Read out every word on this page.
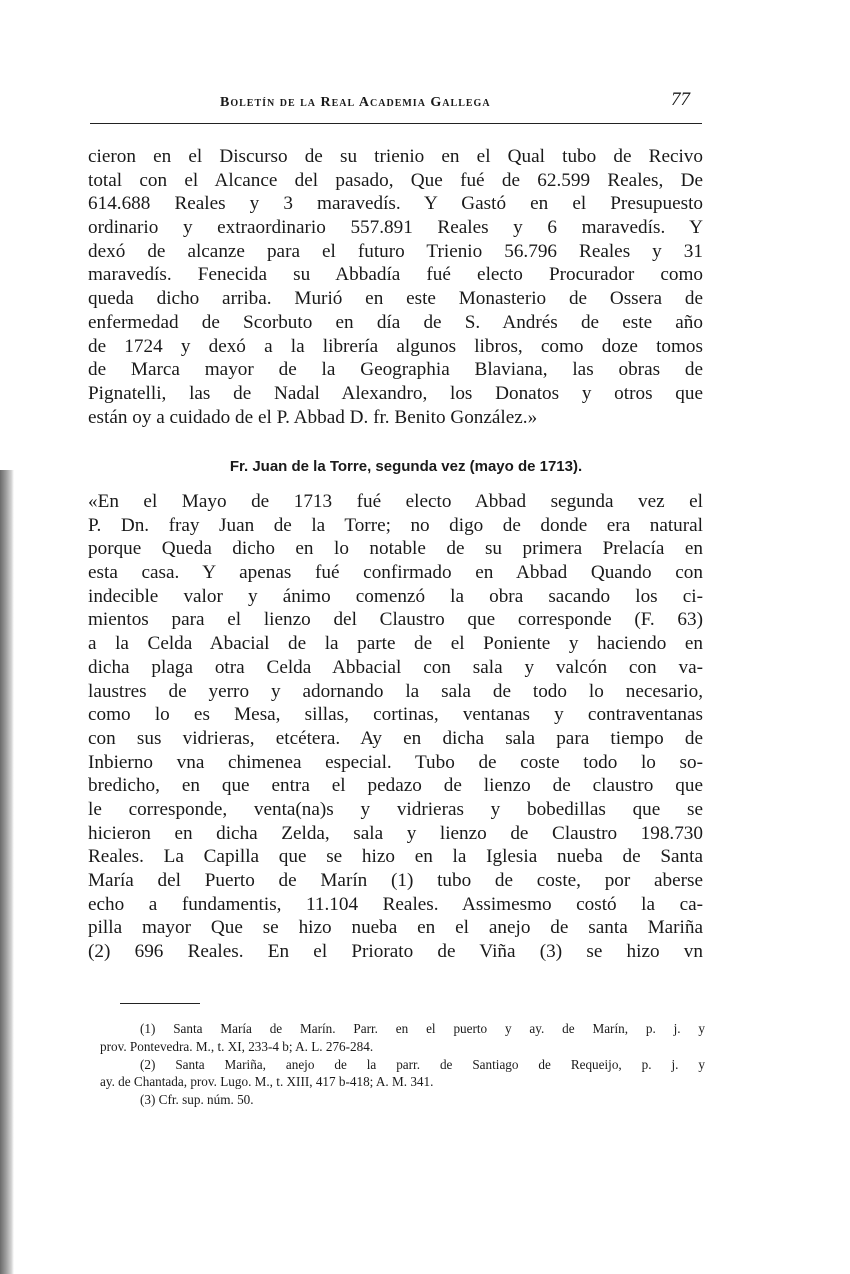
Boletín de la Real Academia Gallega	77
cieron en el Discurso de su trienio en el Qual tubo de Recivo
total con el Alcance del pasado, Que fué de 62.599 Reales, De
614.688 Reales y 3 maravedís. Y Gastó en el Presupuesto
ordinario y extraordinario 557.891 Reales y 6 maravedís. Y
dexó de alcanze para el futuro Trienio 56.796 Reales y 31
maravedís. Fenecida su Abbadía fué electo Procurador como
queda dicho arriba. Murió en este Monasterio de Ossera de
enfermedad de Scorbuto en día de S. Andrés de este año
de 1724 y dexó a la librería algunos libros, como doze tomos
de Marca mayor de la Geographia Blaviana, las obras de
Pignatelli, las de Nadal Alexandro, los Donatos y otros que
están oy a cuidado de el P. Abbad D. fr. Benito González.»
Fr. Juan de la Torre, segunda vez (mayo de 1713).
«En el Mayo de 1713 fué electo Abbad segunda vez el
P. Dn. fray Juan de la Torre; no digo de donde era natural
porque Queda dicho en lo notable de su primera Prelacía en
esta casa. Y apenas fué confirmado en Abbad Quando con
indecible valor y ánimo comenzó la obra sacando los ci-
mientos para el lienzo del Claustro que corresponde (F. 63)
a la Celda Abacial de la parte de el Poniente y haciendo en
dicha plaga otra Celda Abbacial con sala y valcón con va-
laustres de yerro y adornando la sala de todo lo necesario,
como lo es Mesa, sillas, cortinas, ventanas y contraventanas
con sus vidrieras, etcétera. Ay en dicha sala para tiempo de
Inbierno vna chimenea especial. Tubo de coste todo lo so-
bredicho, en que entra el pedazo de lienzo de claustro que
le corresponde, venta(na)s y vidrieras y bobedillas que se
hicieron en dicha Zelda, sala y lienzo de Claustro 198.730
Reales. La Capilla que se hizo en la Iglesia nueba de Santa
María del Puerto de Marín (1) tubo de coste, por aberse
echo a fundamentis, 11.104 Reales. Assimesmo costó la ca-
pilla mayor Que se hizo nueba en el anejo de santa Mariña
(2) 696 Reales. En el Priorato de Viña (3) se hizo vn
(1) Santa María de Marín. Parr. en el puerto y ay. de Marín, p. j. y
prov. Pontevedra. M., t. XI, 233-4 b; A. L. 276-284.
(2) Santa Mariña, anejo de la parr. de Santiago de Requeijo, p. j. y
ay. de Chantada, prov. Lugo. M., t. XIII, 417 b-418; A. M. 341.
(3) Cfr. sup. núm. 50.
